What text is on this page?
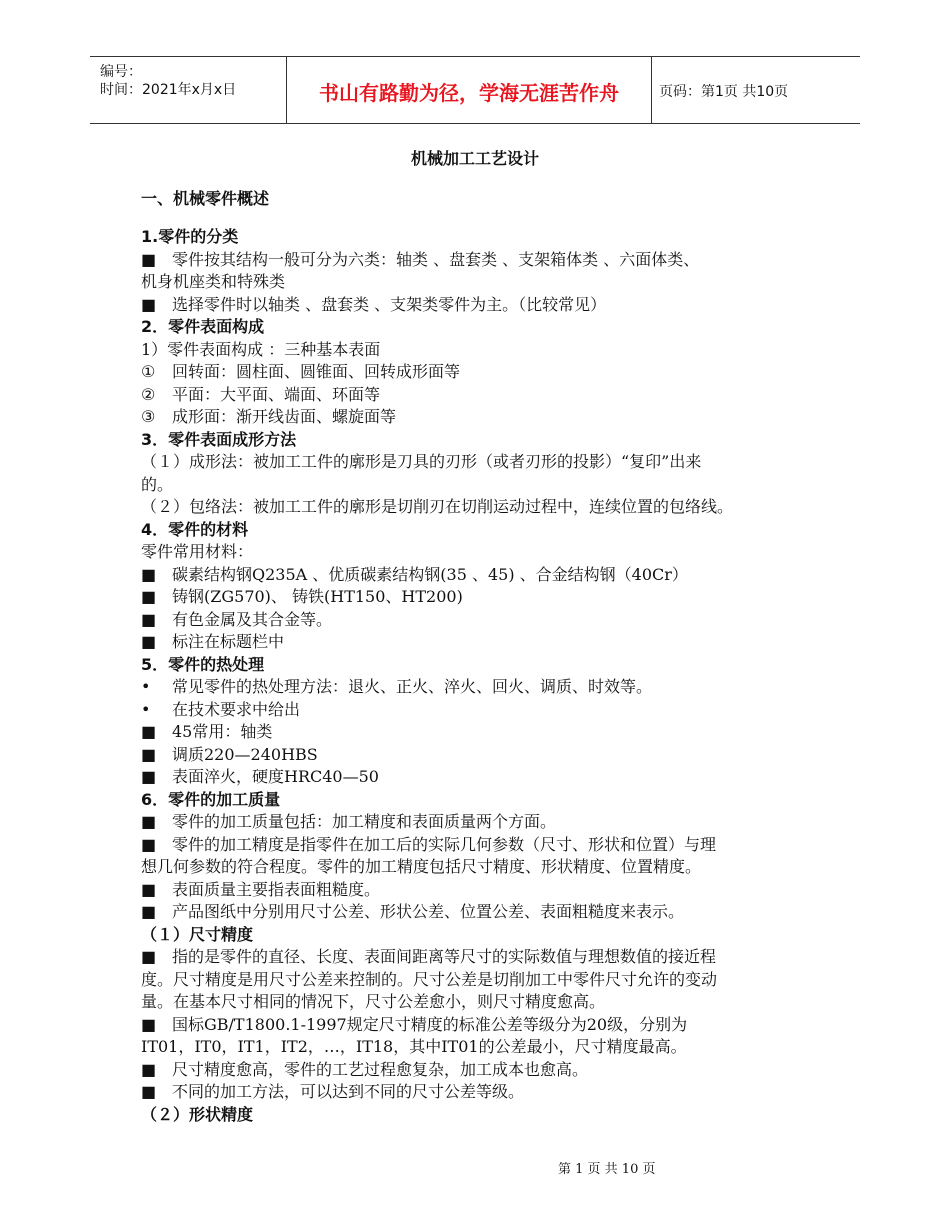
编号：
时间：2021年x月x日	书山有路勤为径，学海无涯苦作舟	页码：第1页 共10页
机械加工工艺设计
一、机械零件概述
1.零件的分类
■ 零件按其结构一般可分为六类：轴类 、盘套类 、支架箱体类 、六面体类、
机身机座类和特殊类
■ 选择零件时以轴类 、盘套类 、支架类零件为主。（比较常见）
2．零件表面构成
1）零件表面构成 ：三种基本表面
① 回转面：圆柱面、圆锥面、回转成形面等
② 平面：大平面、端面、环面等
③ 成形面：渐开线齿面、螺旋面等
3．零件表面成形方法
（１）成形法：被加工工件的廓形是刀具的刃形（或者刃形的投影）“复印”出来
的。
（２）包络法：被加工工件的廓形是切削刃在切削运动过程中，连续位置的包络线。
4．零件的材料
零件常用材料：
■ 碳素结构钢Q235A 、优质碳素结构钢(35 、45) 、合金结构钢（40Cr）
■ 铸钢(ZG570)、 铸铁(HT150、HT200)
■ 有色金属及其合金等。
■ 标注在标题栏中
5．零件的热处理
• 常见零件的热处理方法：退火、正火、淬火、回火、调质、时效等。
• 在技术要求中给出
■ 45常用：轴类
■ 调质220—240HBS
■ 表面淬火，硬度HRC40—50
6．零件的加工质量
■ 零件的加工质量包括：加工精度和表面质量两个方面。
■ 零件的加工精度是指零件在加工后的实际几何参数（尺寸、形状和位置）与理
想几何参数的符合程度。零件的加工精度包括尺寸精度、形状精度、位置精度。
■ 表面质量主要指表面粗糙度。
■ 产品图纸中分别用尺寸公差、形状公差、位置公差、表面粗糙度来表示。
（１）尺寸精度
■ 指的是零件的直径、长度、表面间距离等尺寸的实际数值与理想数值的接近程
度。尺寸精度是用尺寸公差来控制的。尺寸公差是切削加工中零件尺寸允许的变动
量。在基本尺寸相同的情况下，尺寸公差愈小，则尺寸精度愈高。
■ 国标GB/T1800.1-1997规定尺寸精度的标准公差等级分为20级，分别为
IT01，IT0，IT1，IT2，…，IT18，其中IT01的公差最小，尺寸精度最高。
■ 尺寸精度愈高，零件的工艺过程愈复杂，加工成本也愈高。
■ 不同的加工方法，可以达到不同的尺寸公差等级。
（２）形状精度
第 1 页 共 10 页
